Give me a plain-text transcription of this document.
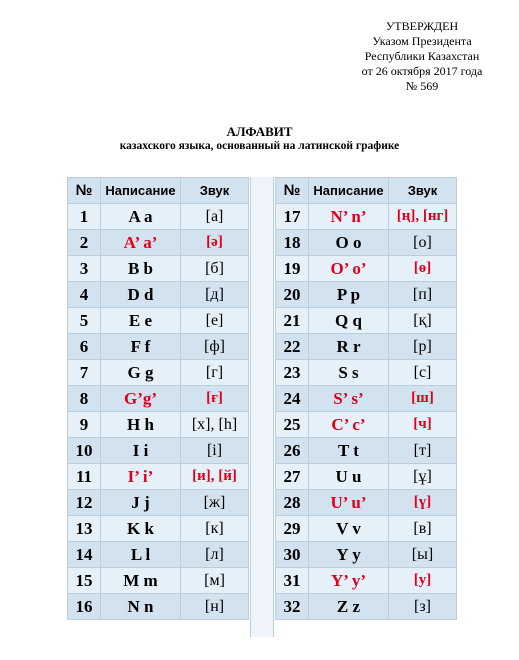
УТВЕРЖДЕН
Указом Президента
Республики Казахстан
от 26 октября 2017 года
№ 569
АЛФАВИТ
казахского языка, основанный на латинской графике
№	Написание	Звук
1	A a	[а]
2	A’ a’	[ә]
3	B b	[б]
4	D d	[д]
5	E e	[е]
6	F f	[ф]
7	G g	[г]
8	G’g’	[ғ]
9	H h	[х], [h]
10	I i	[і]
11	I’ i’	[и], [й]
12	J j	[ж]
13	K k	[к]
14	L l	[л]
15	M m	[м]
16	N n	[н]
№	Написание	Звук
17	N’ n’	[ң], [нг]
18	O o	[о]
19	O’ o’	[ө]
20	P p	[п]
21	Q q	[қ]
22	R r	[р]
23	S s	[с]
24	S’ s’	[ш]
25	C’ c’	[ч]
26	T t	[т]
27	U u	[ұ]
28	U’ u’	[ү]
29	V v	[в]
30	Y y	[ы]
31	Y’ y’	[у]
32	Z z	[з]
